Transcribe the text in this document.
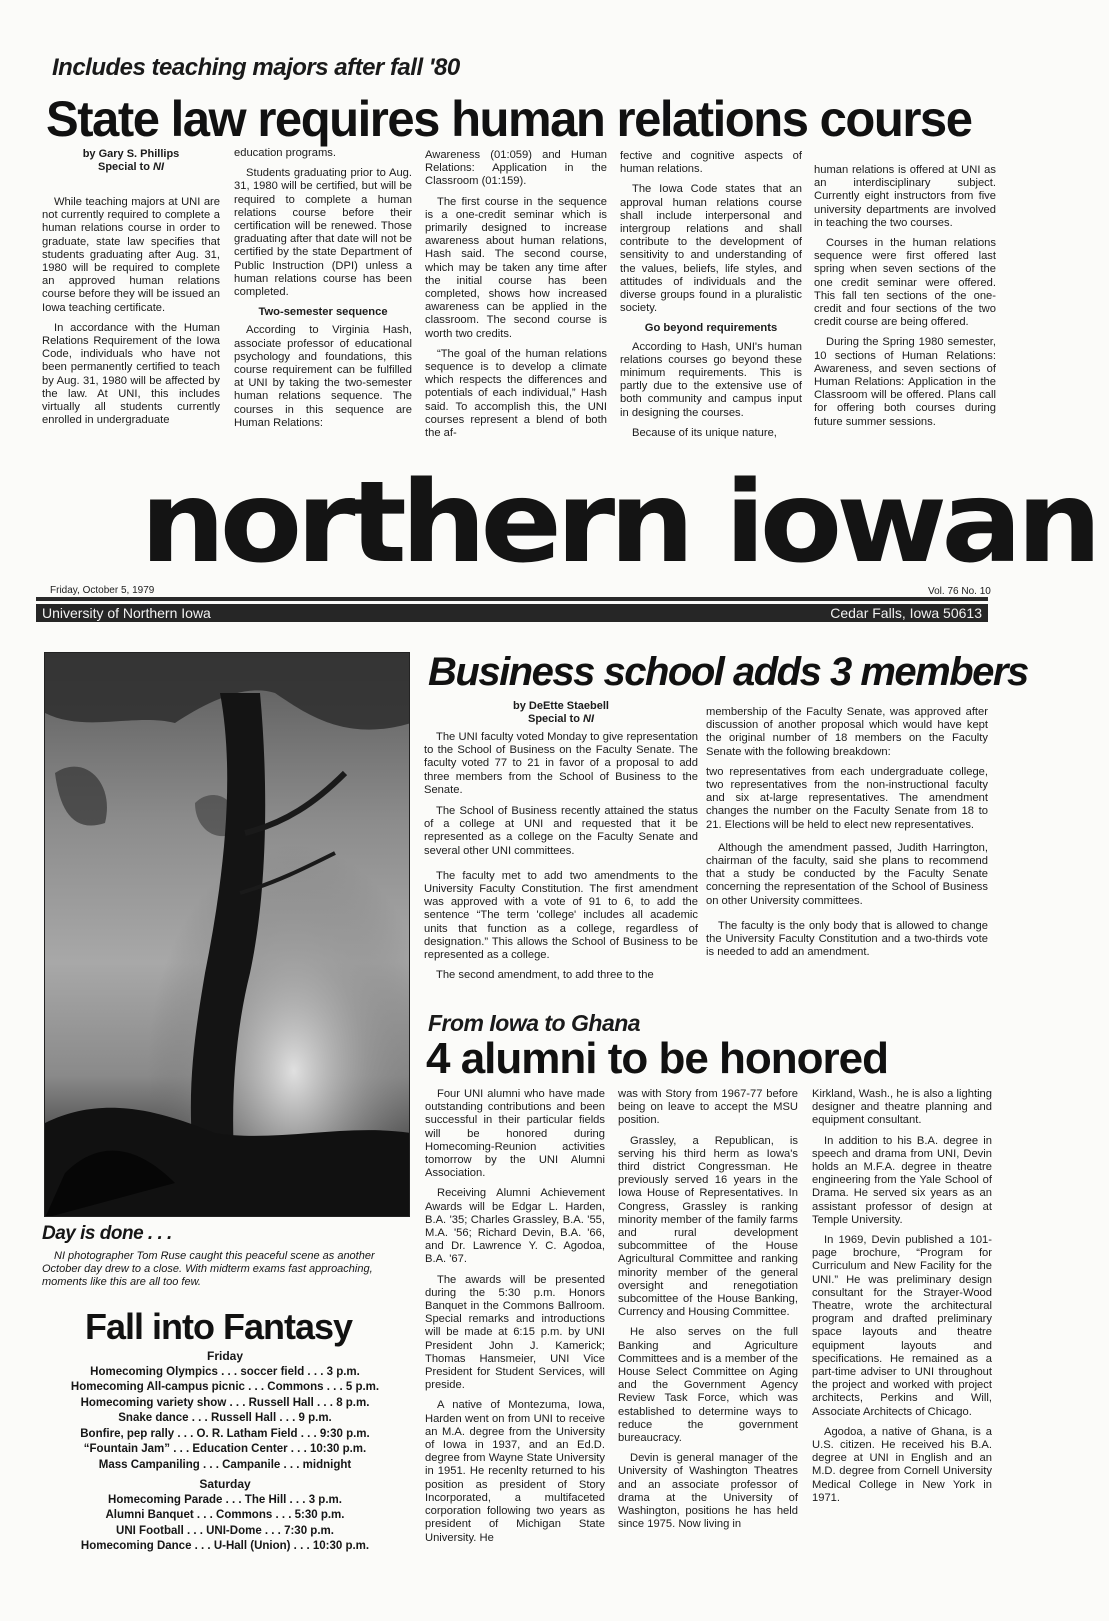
Includes teaching majors after fall '80
State law requires human relations course
by Gary S. Phillips
Special to NI

While teaching majors at UNI are not currently required to complete a human relations course in order to graduate, state law specifies that students graduating after Aug. 31, 1980 will be required to complete an approved human relations course before they will be issued an Iowa teaching certificate.

In accordance with the Human Relations Requirement of the Iowa Code, individuals who have not been permanently certified to teach by Aug. 31, 1980 will be affected by the law. At UNI, this includes virtually all students currently enrolled in undergraduate

education programs.

Students graduating prior to Aug. 31, 1980 will be certified, but will be required to complete a human relations course before their certification will be renewed. Those graduating after that date will not be certified by the state Department of Public Instruction (DPI) unless a human relations course has been completed.

Two-semester sequence

According to Virginia Hash, associate professor of educational psychology and foundations, this course requirement can be fulfilled at UNI by taking the two-semester human relations sequence. The courses in this sequence are Human Relations:

Awareness (01:059) and Human Relations: Application in the Classroom (01:159).

The first course in the sequence is a one-credit seminar which is primarily designed to increase awareness about human relations, Hash said. The second course, which may be taken any time after the initial course has been completed, shows how increased awareness can be applied in the classroom. The second course is worth two credits.

“The goal of the human relations sequence is to develop a climate which respects the differences and potentials of each individual,” Hash said. To accomplish this, the UNI courses represent a blend of both the af-

fective and cognitive aspects of human relations.

The Iowa Code states that an approval human relations course shall include interpersonal and intergroup relations and shall contribute to the development of sensitivity to and understanding of the values, beliefs, life styles, and attitudes of individuals and the diverse groups found in a pluralistic society.

Go beyond requirements

According to Hash, UNI's human relations courses go beyond these minimum requirements. This is partly due to the extensive use of both community and campus input in designing the courses.

Because of its unique nature,

human relations is offered at UNI as an interdisciplinary subject. Currently eight instructors from five university departments are involved in teaching the two courses.

Courses in the human relations sequence were first offered last spring when seven sections of the one credit seminar were offered. This fall ten sections of the one-credit and four sections of the two credit course are being offered.

During the Spring 1980 semester, 10 sections of Human Relations: Awareness, and seven sections of Human Relations: Application in the Classroom will be offered. Plans call for offering both courses during future summer sessions.

northern iowan
Friday, October 5, 1979	Vol. 76 No. 10
University of Northern Iowa	Cedar Falls, Iowa 50613
Day is done . . .
NI photographer Tom Ruse caught this peaceful scene as another October day drew to a close. With midterm exams fast approaching, moments like this are all too few.
Fall into Fantasy
Friday
Homecoming Olympics . . . soccer field . . . 3 p.m.
Homecoming All-campus picnic . . . Commons . . . 5 p.m.
Homecoming variety show . . . Russell Hall . . . 8 p.m.
Snake dance . . . Russell Hall . . . 9 p.m.
Bonfire, pep rally . . . O. R. Latham Field . . . 9:30 p.m.
“Fountain Jam” . . . Education Center . . . 10:30 p.m.
Mass Campaniling . . . Campanile . . . midnight
Saturday
Homecoming Parade . . . The Hill . . . 3 p.m.
Alumni Banquet . . . Commons . . . 5:30 p.m.
UNI Football . . . UNI-Dome . . . 7:30 p.m.
Homecoming Dance . . . U-Hall (Union) . . . 10:30 p.m.
Business school adds 3 members
by DeEtte Staebell
Special to NI

The UNI faculty voted Monday to give representation to the School of Business on the Faculty Senate. The faculty voted 77 to 21 in favor of a proposal to add three members from the School of Business to the Senate.

The School of Business recently attained the status of a college at UNI and requested that it be represented as a college on the Faculty Senate and several other UNI committees.

The faculty met to add two amendments to the University Faculty Constitution. The first amendment was approved with a vote of 91 to 6, to add the sentence “The term 'college' includes all academic units that function as a college, regardless of designation.” This allows the School of Business to be represented as a college.

The second amendment, to add three to the

membership of the Faculty Senate, was approved after discussion of another proposal which would have kept the original number of 18 members on the Faculty Senate with the following breakdown:

two representatives from each undergraduate college, two representatives from the non-instructional faculty and six at-large representatives. The amendment changes the number on the Faculty Senate from 18 to 21. Elections will be held to elect new representatives.

Although the amendment passed, Judith Harrington, chairman of the faculty, said she plans to recommend that a study be conducted by the Faculty Senate concerning the representation of the School of Business on other University committees.

The faculty is the only body that is allowed to change the University Faculty Constitution and a two-thirds vote is needed to add an amendment.

From Iowa to Ghana
4 alumni to be honored

Four UNI alumni who have made outstanding contributions and been successful in their particular fields will be honored during Homecoming-Reunion activities tomorrow by the UNI Alumni Association.

Receiving Alumni Achievement Awards will be Edgar L. Harden, B.A. '35; Charles Grassley, B.A. '55, M.A. '56; Richard Devin, B.A. '66, and Dr. Lawrence Y. C. Agodoa, B.A. '67.

The awards will be presented during the 5:30 p.m. Honors Banquet in the Commons Ballroom. Special remarks and introductions will be made at 6:15 p.m. by UNI President John J. Kamerick; Thomas Hansmeier, UNI Vice President for Student Services, will preside.

A native of Montezuma, Iowa, Harden went on from UNI to receive an M.A. degree from the University of Iowa in 1937, and an Ed.D. degree from Wayne State University in 1951. He recenlty returned to his position as president of Story Incorporated, a multifaceted corporation following two years as president of Michigan State University. He

was with Story from 1967-77 before being on leave to accept the MSU position.

Grassley, a Republican, is serving his third herm as Iowa's third district Congressman. He previously served 16 years in the Iowa House of Representatives. In Congress, Grassley is ranking minority member of the family farms and rural development subcommittee of the House Agricultural Committee and ranking minority member of the general oversight and renegotiation subcomittee of the House Banking, Currency and Housing Committee.

He also serves on the full Banking and Agriculture Committees and is a member of the House Select Committee on Aging and the Government Agency Review Task Force, which was established to determine ways to reduce the government bureaucracy.

Devin is general manager of the University of Washington Theatres and an associate professor of drama at the University of Washington, positions he has held since 1975. Now living in

Kirkland, Wash., he is also a lighting designer and theatre planning and equipment consultant.

In addition to his B.A. degree in speech and drama from UNI, Devin holds an M.F.A. degree in theatre engineering from the Yale School of Drama. He served six years as an assistant professor of design at Temple University.

In 1969, Devin published a 101-page brochure, “Program for Curriculum and New Facility for the UNI.” He was preliminary design consultant for the Strayer-Wood Theatre, wrote the architectural program and drafted preliminary space layouts and theatre equipment layouts and specifications. He remained as a part-time adviser to UNI throughout the project and worked with project architects, Perkins and Will, Associate Architects of Chicago.

Agodoa, a native of Ghana, is a U.S. citizen. He received his B.A. degree at UNI in English and an M.D. degree from Cornell University Medical College in New York in 1971.
